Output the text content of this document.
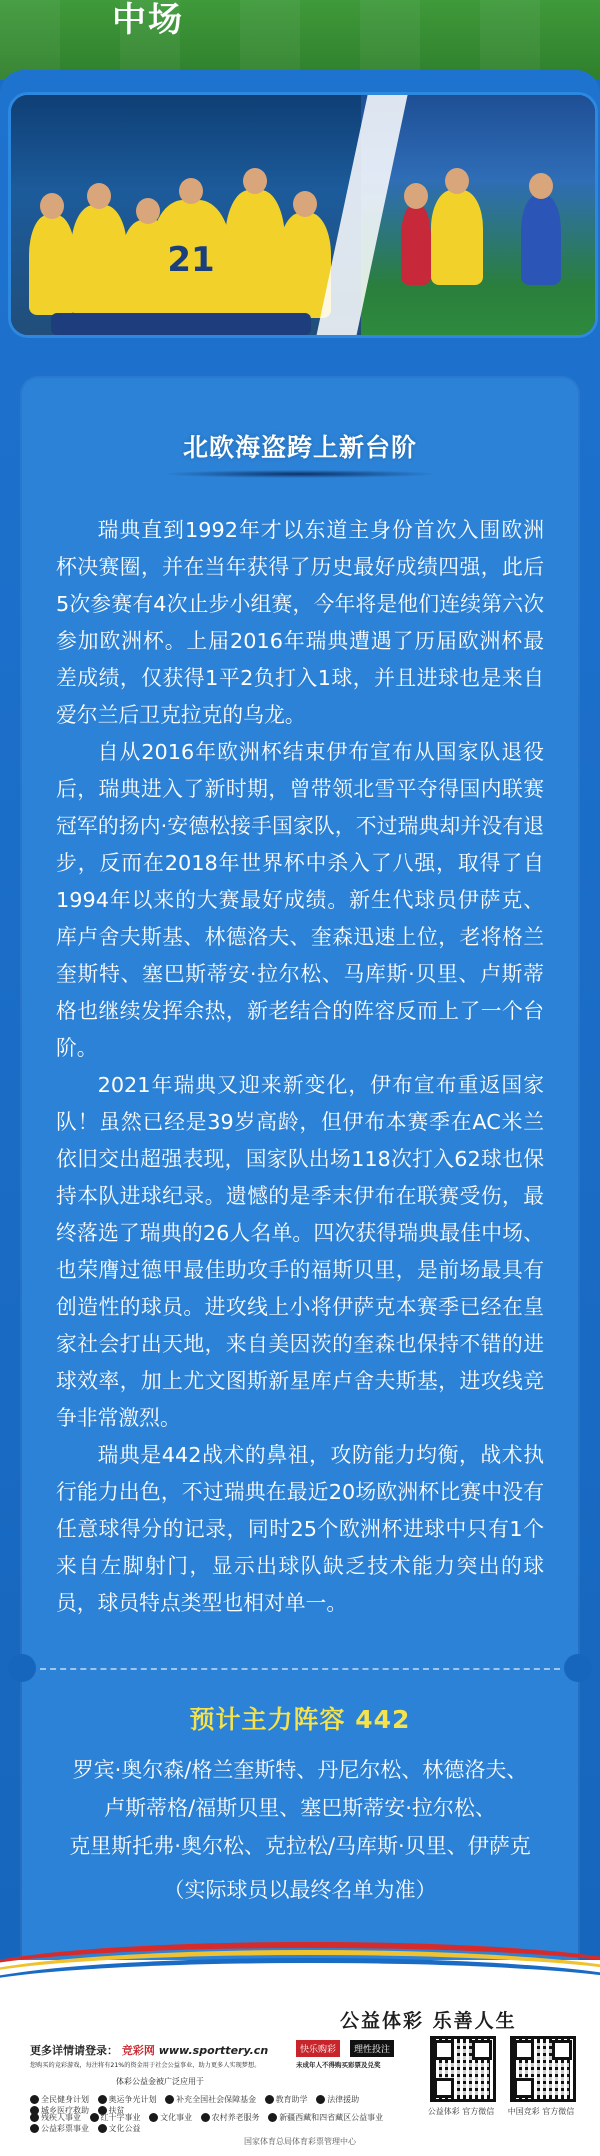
中场
21
北欧海盗跨上新台阶

瑞典直到1992年才以东道主身份首次入围欧洲杯决赛圈，并在当年获得了历史最好成绩四强，此后5次参赛有4次止步小组赛，今年将是他们连续第六次参加欧洲杯。上届2016年瑞典遭遇了历届欧洲杯最差成绩，仅获得1平2负打入1球，并且进球也是来自爱尔兰后卫克拉克的乌龙。

自从2016年欧洲杯结束伊布宣布从国家队退役后，瑞典进入了新时期，曾带领北雪平夺得国内联赛冠军的扬内·安德松接手国家队，不过瑞典却并没有退步，反而在2018年世界杯中杀入了八强，取得了自1994年以来的大赛最好成绩。新生代球员伊萨克、库卢舍夫斯基、林德洛夫、奎森迅速上位，老将格兰奎斯特、塞巴斯蒂安·拉尔松、马库斯·贝里、卢斯蒂格也继续发挥余热，新老结合的阵容反而上了一个台阶。

2021年瑞典又迎来新变化，伊布宣布重返国家队！虽然已经是39岁高龄，但伊布本赛季在AC米兰依旧交出超强表现，国家队出场118次打入62球也保持本队进球纪录。遗憾的是季末伊布在联赛受伤，最终落选了瑞典的26人名单。四次获得瑞典最佳中场、也荣膺过德甲最佳助攻手的福斯贝里，是前场最具有创造性的球员。进攻线上小将伊萨克本赛季已经在皇家社会打出天地，来自美因茨的奎森也保持不错的进球效率，加上尤文图斯新星库卢舍夫斯基，进攻线竞争非常激烈。

瑞典是442战术的鼻祖，攻防能力均衡，战术执行能力出色，不过瑞典在最近20场欧洲杯比赛中没有任意球得分的记录，同时25个欧洲杯进球中只有1个来自左脚射门，显示出球队缺乏技术能力突出的球员，球员特点类型也相对单一。

预计主力阵容 442
罗宾·奥尔森/格兰奎斯特、丹尼尔松、林德洛夫、
卢斯蒂格/福斯贝里、塞巴斯蒂安·拉尔松、
克里斯托弗·奥尔松、克拉松/马库斯·贝里、伊萨克
（实际球员以最终名单为准）
公益体彩 乐善人生
更多详情请登录： 竞彩网 www.sporttery.cn	快乐购彩	理性投注
您购买的竞彩游戏，每注将有21%的资金用于社会公益事业，助力更多人实现梦想。	未成年人不得购买彩票及兑奖
体彩公益金被广泛应用于
全民健身计划 奥运争光计划 补充全国社会保障基金 教育助学 法律援助 城乡医疗救助 扶贫
残疾人事业 红十字事业 文化事业 农村养老服务 新疆西藏和四省藏区公益事业 公益彩票事业 文化公益
公益体彩 官方微信 中国竞彩 官方微信
国家体育总局体育彩票管理中心
